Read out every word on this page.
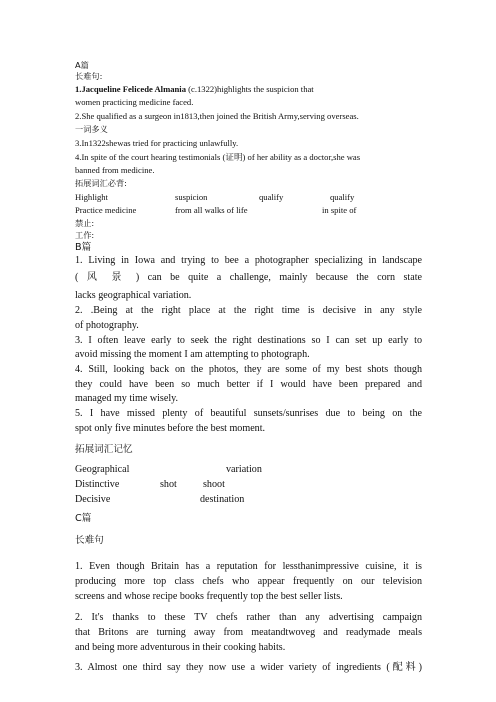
A篇
长难句:
1.Jacqueline Felicede Almania (c.1322)highlights the suspicion that
women practicing medicine faced.
2.She qualified as a surgeon in1813,then joined the British Army,serving overseas.
一词多义
3.In1322shewas tried for practicing unlawfully.
4.In spite of the court hearing testimonials (证明) of her ability as a doctor,she was
banned from medicine.
拓展词汇必背:
Highlight	suspicion	qualify	qualify
Practice medicine	from all walks of life	in spite of
禁止:
工作:
B篇
1. Living in Iowa and trying to bee a photographer specializing in landscape
( 风 景 ) can be quite a challenge, mainly because the corn state
lacks geographical variation.
2. .Being at the right place at the right time is decisive in any style
of photography.
3. I often leave early to seek the right destinations so I can set up early to
avoid missing the moment I am attempting to photograph.
4. Still, looking back on the photos, they are some of my best shots though
they could have been so much better if I would have been prepared and
managed my time wisely.
5. I have missed plenty of beautiful sunsets/sunrises due to being on the
spot only five minutes before the best moment.
拓展词汇记忆
Geographical	variation
Distinctive	shot	shoot
Decisive	destination
C篇
长难句
1. Even though Britain has a reputation for lessthanimpressive cuisine, it is
producing more top class chefs who appear frequently on our television
screens and whose recipe books frequently top the best seller lists.
2. It's thanks to these TV chefs rather than any advertising campaign
that Britons are turning away from meatandtwoveg and readymade meals
and being more adventurous in their cooking habits.
3. Almost one third say they now use a wider variety of ingredients (配料)
